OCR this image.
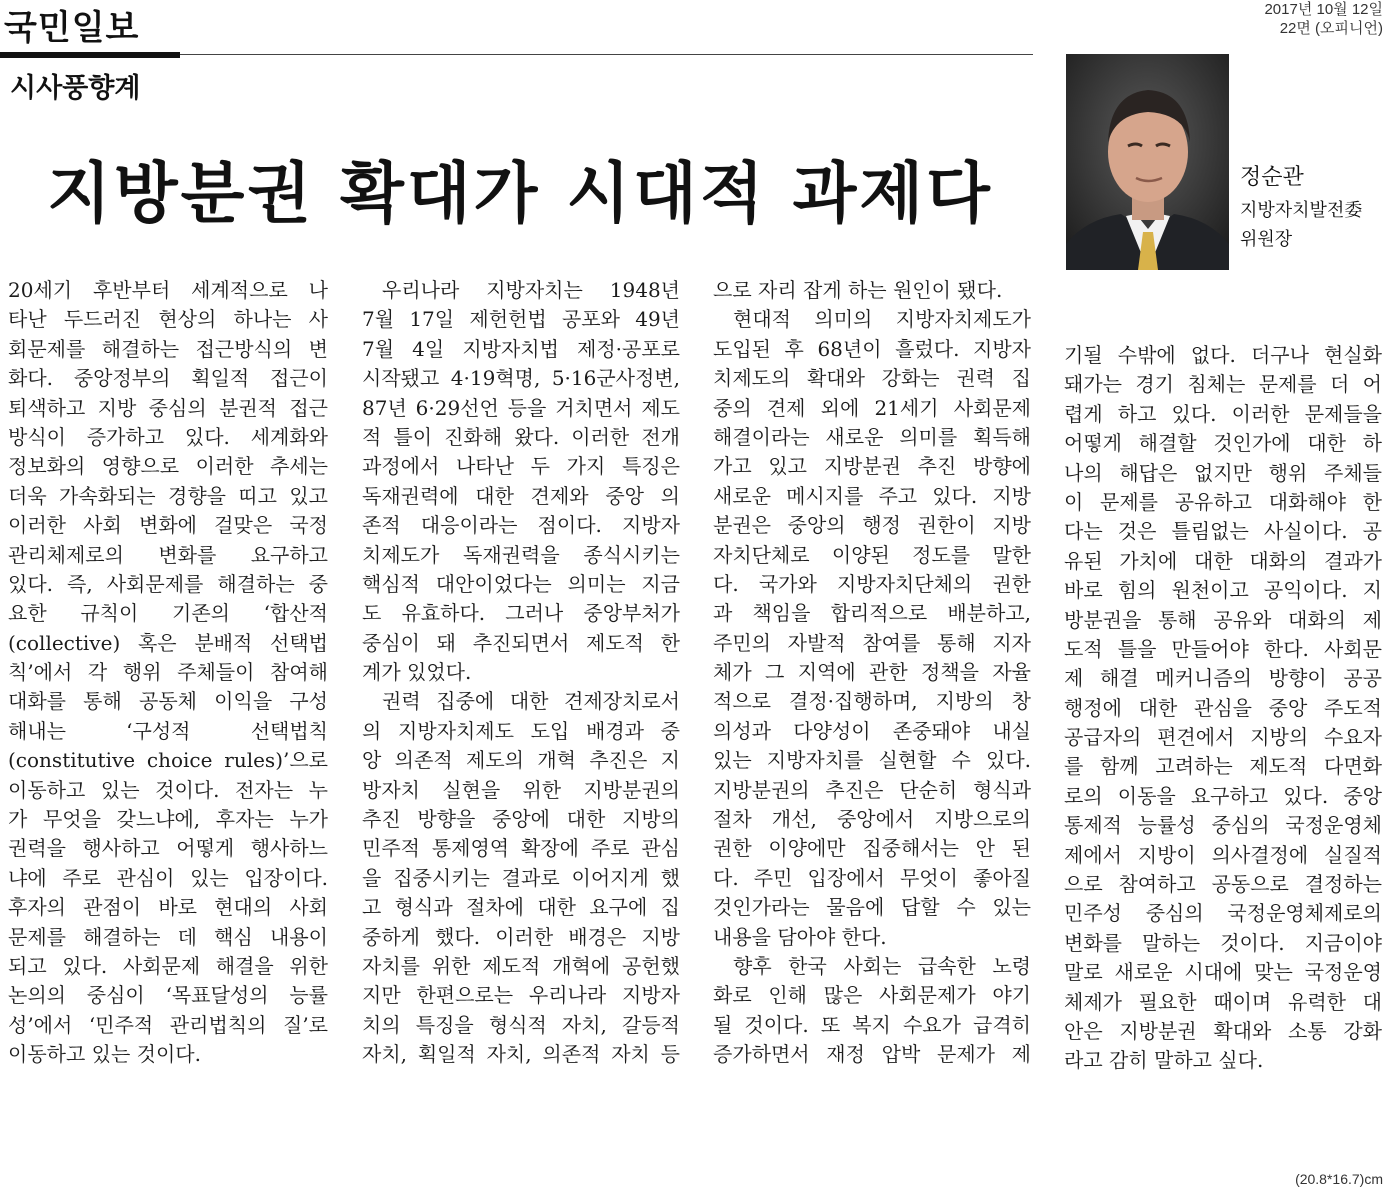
국민일보	2017년 10월 12일
22면 (오피니언)
시사풍향계
지방분권 확대가 시대적 과제다	정순관
지방자치발전委
위원장
20세기 후반부터 세계적으로 나
타난 두드러진 현상의 하나는 사
회문제를 해결하는 접근방식의 변
화다. 중앙정부의 획일적 접근이
퇴색하고 지방 중심의 분권적 접근
방식이 증가하고 있다. 세계화와
정보화의 영향으로 이러한 추세는
더욱 가속화되는 경향을 띠고 있고
이러한 사회 변화에 걸맞은 국정
관리체제로의 변화를 요구하고
있다. 즉, 사회문제를 해결하는 중
요한 규칙이 기존의 ‘합산적
(collective) 혹은 분배적 선택법
칙’에서 각 행위 주체들이 참여해
대화를 통해 공동체 이익을 구성
해내는 ‘구성적 선택법칙
(constitutive choice rules)’으로
이동하고 있는 것이다. 전자는 누
가 무엇을 갖느냐에, 후자는 누가
권력을 행사하고 어떻게 행사하느
냐에 주로 관심이 있는 입장이다.
후자의 관점이 바로 현대의 사회
문제를 해결하는 데 핵심 내용이
되고 있다. 사회문제 해결을 위한
논의의 중심이 ‘목표달성의 능률
성’에서 ‘민주적 관리법칙의 질’로
이동하고 있는 것이다.
우리나라 지방자치는 1948년
7월 17일 제헌헌법 공포와 49년
7월 4일 지방자치법 제정·공포로
시작됐고 4·19혁명, 5·16군사정변,
87년 6·29선언 등을 거치면서 제도
적 틀이 진화해 왔다. 이러한 전개
과정에서 나타난 두 가지 특징은
독재권력에 대한 견제와 중앙 의
존적 대응이라는 점이다. 지방자
치제도가 독재권력을 종식시키는
핵심적 대안이었다는 의미는 지금
도 유효하다. 그러나 중앙부처가
중심이 돼 추진되면서 제도적 한
계가 있었다.
권력 집중에 대한 견제장치로서
의 지방자치제도 도입 배경과 중
앙 의존적 제도의 개혁 추진은 지
방자치 실현을 위한 지방분권의
추진 방향을 중앙에 대한 지방의
민주적 통제영역 확장에 주로 관심
을 집중시키는 결과로 이어지게 했
고 형식과 절차에 대한 요구에 집
중하게 했다. 이러한 배경은 지방
자치를 위한 제도적 개혁에 공헌했
지만 한편으로는 우리나라 지방자
치의 특징을 형식적 자치, 갈등적
자치, 획일적 자치, 의존적 자치 등
으로 자리 잡게 하는 원인이 됐다.
현대적 의미의 지방자치제도가
도입된 후 68년이 흘렀다. 지방자
치제도의 확대와 강화는 권력 집
중의 견제 외에 21세기 사회문제
해결이라는 새로운 의미를 획득해
가고 있고 지방분권 추진 방향에
새로운 메시지를 주고 있다. 지방
분권은 중앙의 행정 권한이 지방
자치단체로 이양된 정도를 말한
다. 국가와 지방자치단체의 권한
과 책임을 합리적으로 배분하고,
주민의 자발적 참여를 통해 지자
체가 그 지역에 관한 정책을 자율
적으로 결정·집행하며, 지방의 창
의성과 다양성이 존중돼야 내실
있는 지방자치를 실현할 수 있다.
지방분권의 추진은 단순히 형식과
절차 개선, 중앙에서 지방으로의
권한 이양에만 집중해서는 안 된
다. 주민 입장에서 무엇이 좋아질
것인가라는 물음에 답할 수 있는
내용을 담아야 한다.
향후 한국 사회는 급속한 노령
화로 인해 많은 사회문제가 야기
될 것이다. 또 복지 수요가 급격히
증가하면서 재정 압박 문제가 제
기될 수밖에 없다. 더구나 현실화
돼가는 경기 침체는 문제를 더 어
렵게 하고 있다. 이러한 문제들을
어떻게 해결할 것인가에 대한 하
나의 해답은 없지만 행위 주체들
이 문제를 공유하고 대화해야 한
다는 것은 틀림없는 사실이다. 공
유된 가치에 대한 대화의 결과가
바로 힘의 원천이고 공익이다. 지
방분권을 통해 공유와 대화의 제
도적 틀을 만들어야 한다. 사회문
제 해결 메커니즘의 방향이 공공
행정에 대한 관심을 중앙 주도적
공급자의 편견에서 지방의 수요자
를 함께 고려하는 제도적 다면화
로의 이동을 요구하고 있다. 중앙
통제적 능률성 중심의 국정운영체
제에서 지방이 의사결정에 실질적
으로 참여하고 공동으로 결정하는
민주성 중심의 국정운영체제로의
변화를 말하는 것이다. 지금이야
말로 새로운 시대에 맞는 국정운영
체제가 필요한 때이며 유력한 대
안은 지방분권 확대와 소통 강화
라고 감히 말하고 싶다.
(20.8*16.7)cm
